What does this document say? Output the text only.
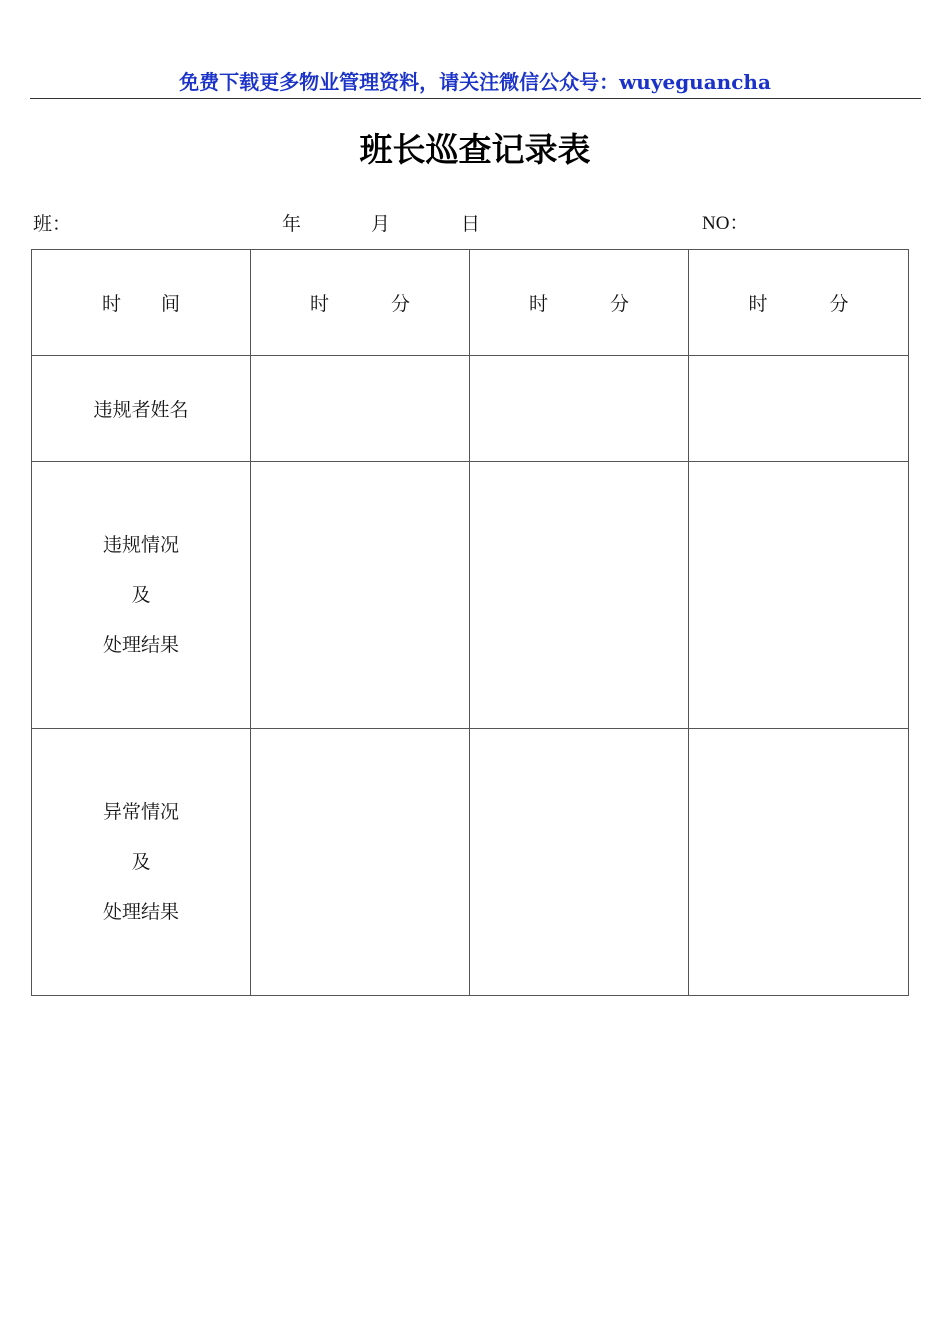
免费下载更多物业管理资料，请关注微信公众号：wuyeguancha
班长巡查记录表
班：	年	月	日	NO：
时 间	时 分	时 分	时 分

违规者姓名			

违规情况
及
处理结果			

异常情况
及
处理结果			
